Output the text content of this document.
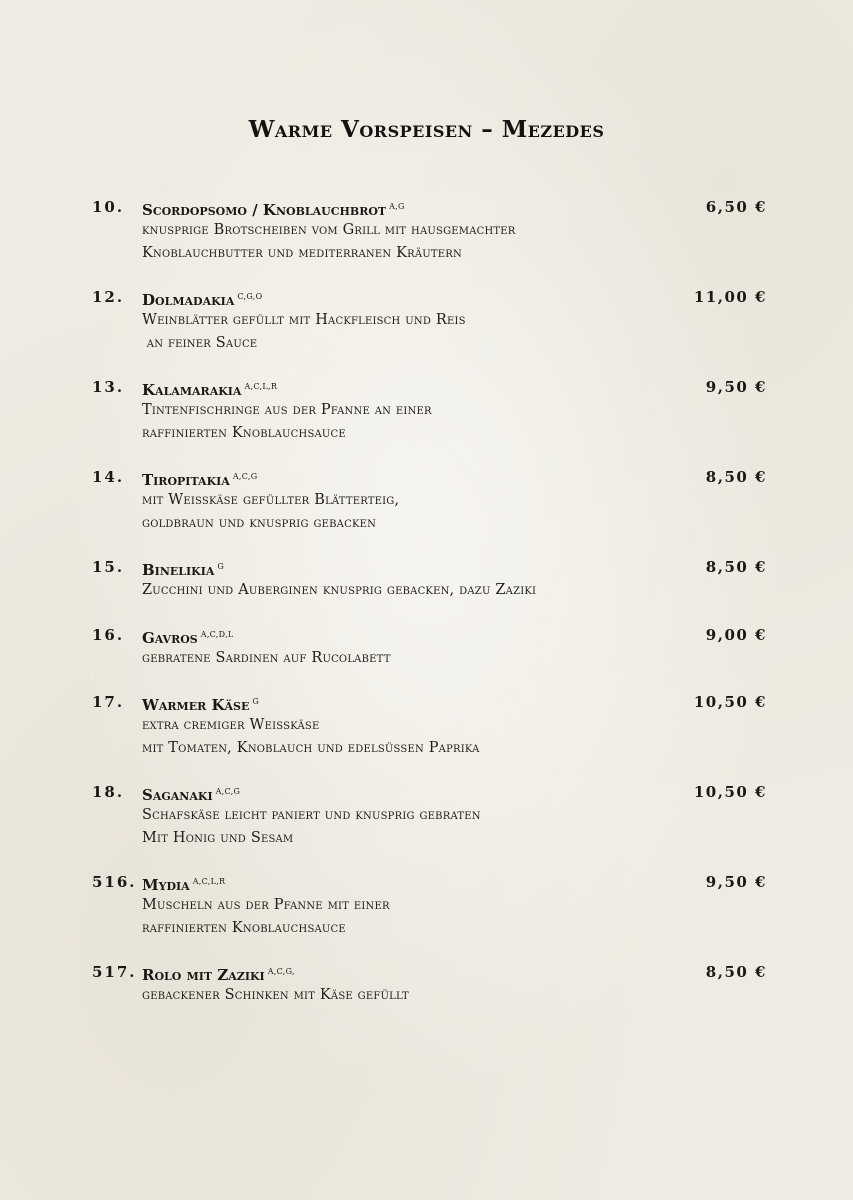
Warme Vorspeisen – Mezedes
10. Scordopsomo / Knoblauchbrot $^{A,G}$	6,50 €
knusprige Brotscheiben vom Grill mit hausgemachter
Knoblauchbutter und mediterranen Kräutern
12. Dolmadakia $^{C,G,O}$	11,00 €
Weinblätter gefüllt mit Hackfleisch und Reis
an feiner Sauce
13. Kalamarakia $^{A,C,L,R}$	9,50 €
Tintenfischringe aus der Pfanne an einer
raffinierten Knoblauchsauce
14. Tiropitakia $^{A,C,G}$	8,50 €
mit Weisskäse gefüllter Blätterteig,
goldbraun und knusprig gebacken
15. Binelikia $^G$	8,50 €
Zucchini und Auberginen knusprig gebacken, dazu Zaziki
16. Gavros $^{A,C,D,L}$	9,00 €
gebratene Sardinen auf Rucolabett
17. Warmer Käse $^G$	10,50 €
extra cremiger Weisskäse
mit Tomaten, Knoblauch und edelsüssen Paprika
18. Saganaki $^{A,C,G}$	10,50 €
Schafskäse leicht paniert und knusprig gebraten
Mit Honig und Sesam
516. Mydia $^{A,C,L,R}$	9,50 €
Muscheln aus der Pfanne mit einer
raffinierten Knoblauchsauce
517. Rolo mit Zaziki $^{A,C,G,}$	8,50 €
gebackener Schinken mit Käse gefüllt
